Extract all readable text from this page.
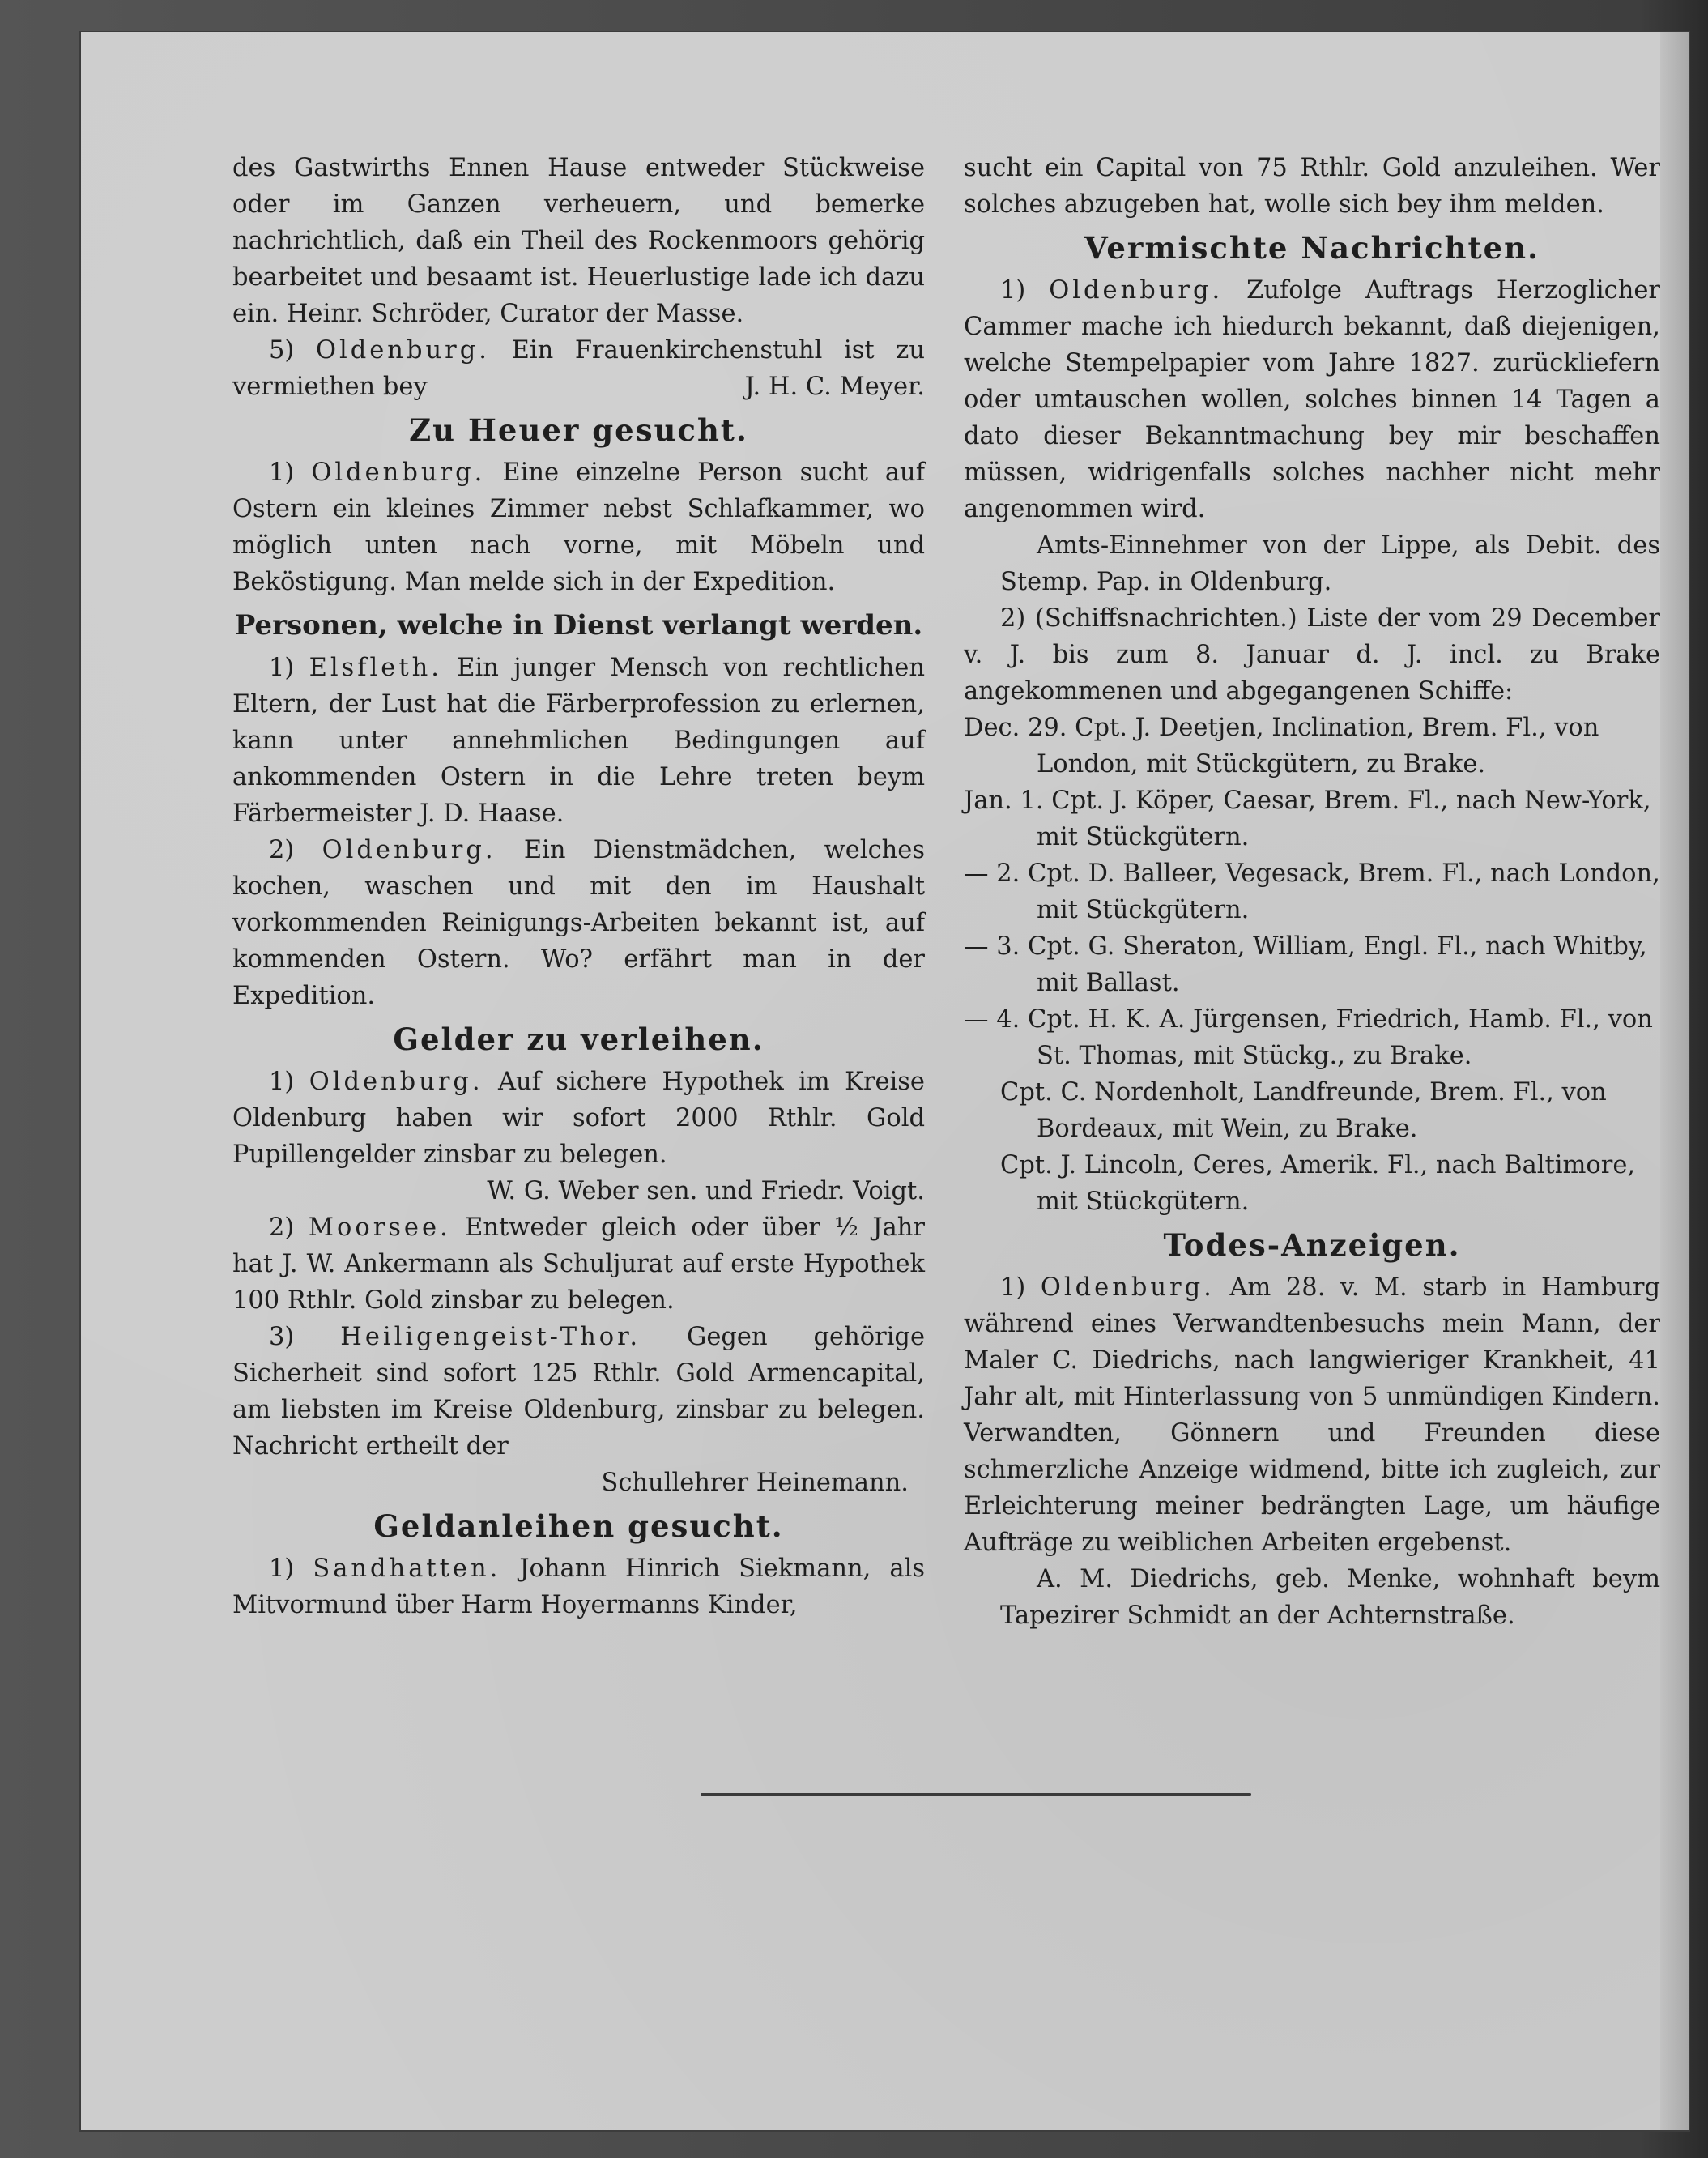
des Gastwirths Ennen Hause entweder Stückweise oder im Ganzen verheuern, und bemerke nachrichtlich, daß ein Theil des Rockenmoors gehörig bearbeitet und besaamt ist. Heuerlustige lade ich dazu ein. Heinr. Schröder, Curator der Masse.

5) Oldenburg. Ein Frauenkirchenstuhl ist zu vermiethen bey	J. H. C. Meyer.

Zu Heuer gesucht.

1) Oldenburg. Eine einzelne Person sucht auf Ostern ein kleines Zimmer nebst Schlafkammer, wo möglich unten nach vorne, mit Möbeln und Beköstigung. Man melde sich in der Expedition.

Personen, welche in Dienst verlangt werden.

1) Elsfleth. Ein junger Mensch von rechtlichen Eltern, der Lust hat die Färberprofession zu erlernen, kann unter annehmlichen Bedingungen auf ankommenden Ostern in die Lehre treten beym Färbermeister J. D. Haase.

2) Oldenburg. Ein Dienstmädchen, welches kochen, waschen und mit den im Haushalt vorkommenden Reinigungs-Arbeiten bekannt ist, auf kommenden Ostern. Wo? erfährt man in der Expedition.

Gelder zu verleihen.

1) Oldenburg. Auf sichere Hypothek im Kreise Oldenburg haben wir sofort 2000 Rthlr. Gold Pupillengelder zinsbar zu belegen.

W. G. Weber sen. und Friedr. Voigt.

2) Moorsee. Entweder gleich oder über ½ Jahr hat J. W. Ankermann als Schuljurat auf erste Hypothek 100 Rthlr. Gold zinsbar zu belegen.

3) Heiligengeist-Thor. Gegen gehörige Sicherheit sind sofort 125 Rthlr. Gold Armencapital, am liebsten im Kreise Oldenburg, zinsbar zu belegen. Nachricht ertheilt der

Schullehrer Heinemann.

Geldanleihen gesucht.

1) Sandhatten. Johann Hinrich Siekmann, als Mitvormund über Harm Hoyermanns Kinder,

sucht ein Capital von 75 Rthlr. Gold anzuleihen. Wer solches abzugeben hat, wolle sich bey ihm melden.

Vermischte Nachrichten.

1) Oldenburg. Zufolge Auftrags Herzoglicher Cammer mache ich hiedurch bekannt, daß diejenigen, welche Stempelpapier vom Jahre 1827. zurückliefern oder umtauschen wollen, solches binnen 14 Tagen a dato dieser Bekanntmachung bey mir beschaffen müssen, widrigenfalls solches nachher nicht mehr angenommen wird.

Amts-Einnehmer von der Lippe, als Debit. des Stemp. Pap. in Oldenburg.

2) (Schiffsnachrichten.) Liste der vom 29 December v. J. bis zum 8. Januar d. J. incl. zu Brake angekommenen und abgegangenen Schiffe:

Dec. 29. Cpt. J. Deetjen, Inclination, Brem. Fl., von London, mit Stückgütern, zu Brake.

Jan. 1. Cpt. J. Köper, Caesar, Brem. Fl., nach New-York, mit Stückgütern.

— 2. Cpt. D. Balleer, Vegesack, Brem. Fl., nach London, mit Stückgütern.

— 3. Cpt. G. Sheraton, William, Engl. Fl., nach Whitby, mit Ballast.

— 4. Cpt. H. K. A. Jürgensen, Friedrich, Hamb. Fl., von St. Thomas, mit Stückg., zu Brake.

Cpt. C. Nordenholt, Landfreunde, Brem. Fl., von Bordeaux, mit Wein, zu Brake.

Cpt. J. Lincoln, Ceres, Amerik. Fl., nach Baltimore, mit Stückgütern.

Todes-Anzeigen.

1) Oldenburg. Am 28. v. M. starb in Hamburg während eines Verwandtenbesuchs mein Mann, der Maler C. Diedrichs, nach langwieriger Krankheit, 41 Jahr alt, mit Hinterlassung von 5 unmündigen Kindern. Verwandten, Gönnern und Freunden diese schmerzliche Anzeige widmend, bitte ich zugleich, zur Erleichterung meiner bedrängten Lage, um häufige Aufträge zu weiblichen Arbeiten ergebenst.

A. M. Diedrichs, geb. Menke, wohnhaft beym Tapezirer Schmidt an der Achternstraße.
